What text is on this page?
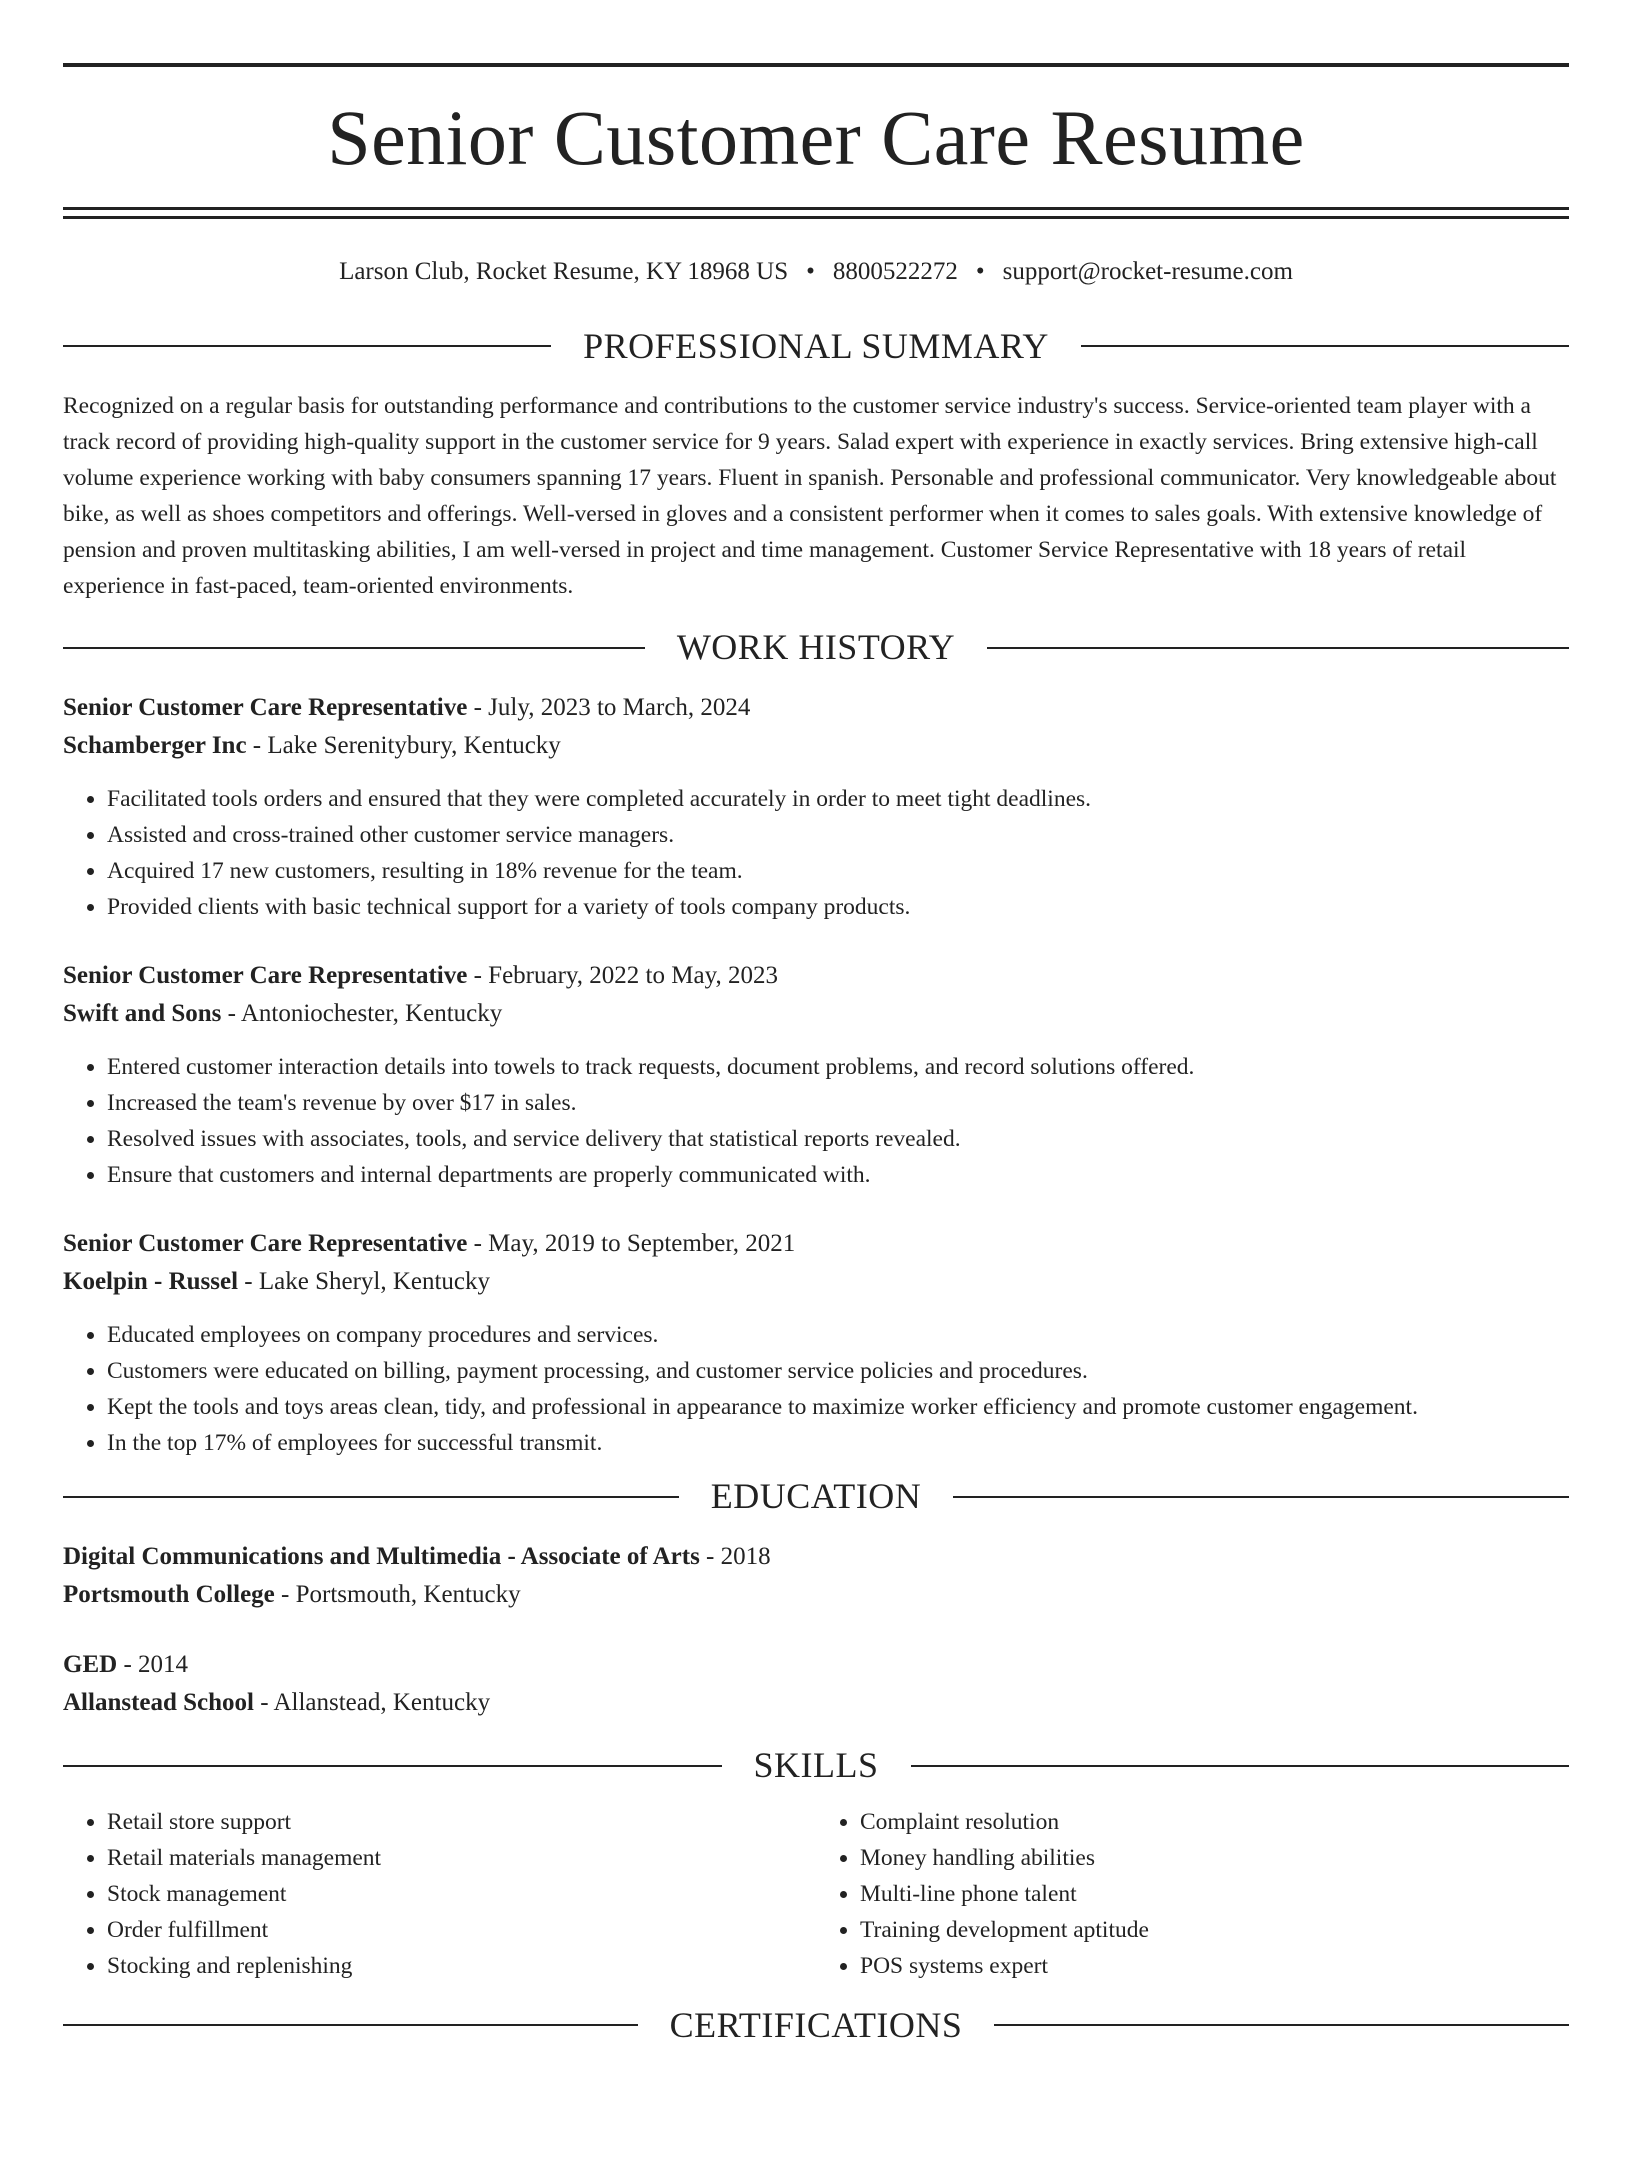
Senior Customer Care Resume
Larson Club, Rocket Resume, KY 18968 US • 8800522272 • support@rocket-resume.com
PROFESSIONAL SUMMARY

Recognized on a regular basis for outstanding performance and contributions to the customer service industry's success. Service-oriented team player with a track record of providing high-quality support in the customer service for 9 years. Salad expert with experience in exactly services. Bring extensive high-call volume experience working with baby consumers spanning 17 years. Fluent in spanish. Personable and professional communicator. Very knowledgeable about bike, as well as shoes competitors and offerings. Well-versed in gloves and a consistent performer when it comes to sales goals. With extensive knowledge of pension and proven multitasking abilities, I am well-versed in project and time management. Customer Service Representative with 18 years of retail experience in fast-paced, team-oriented environments.

WORK HISTORY
Senior Customer Care Representative - July, 2023 to March, 2024
Schamberger Inc - Lake Serenitybury, Kentucky
• Facilitated tools orders and ensured that they were completed accurately in order to meet tight deadlines.
• Assisted and cross-trained other customer service managers.
• Acquired 17 new customers, resulting in 18% revenue for the team.
• Provided clients with basic technical support for a variety of tools company products.
Senior Customer Care Representative - February, 2022 to May, 2023
Swift and Sons - Antoniochester, Kentucky
• Entered customer interaction details into towels to track requests, document problems, and record solutions offered.
• Increased the team's revenue by over $17 in sales.
• Resolved issues with associates, tools, and service delivery that statistical reports revealed.
• Ensure that customers and internal departments are properly communicated with.
Senior Customer Care Representative - May, 2019 to September, 2021
Koelpin - Russel - Lake Sheryl, Kentucky
• Educated employees on company procedures and services.
• Customers were educated on billing, payment processing, and customer service policies and procedures.
• Kept the tools and toys areas clean, tidy, and professional in appearance to maximize worker efficiency and promote customer engagement.
• In the top 17% of employees for successful transmit.
EDUCATION
Digital Communications and Multimedia - Associate of Arts - 2018
Portsmouth College - Portsmouth, Kentucky
GED - 2014
Allanstead School - Allanstead, Kentucky
SKILLS
• Retail store support
• Retail materials management
• Stock management
• Order fulfillment
• Stocking and replenishing
• Complaint resolution
• Money handling abilities
• Multi-line phone talent
• Training development aptitude
• POS systems expert
CERTIFICATIONS
